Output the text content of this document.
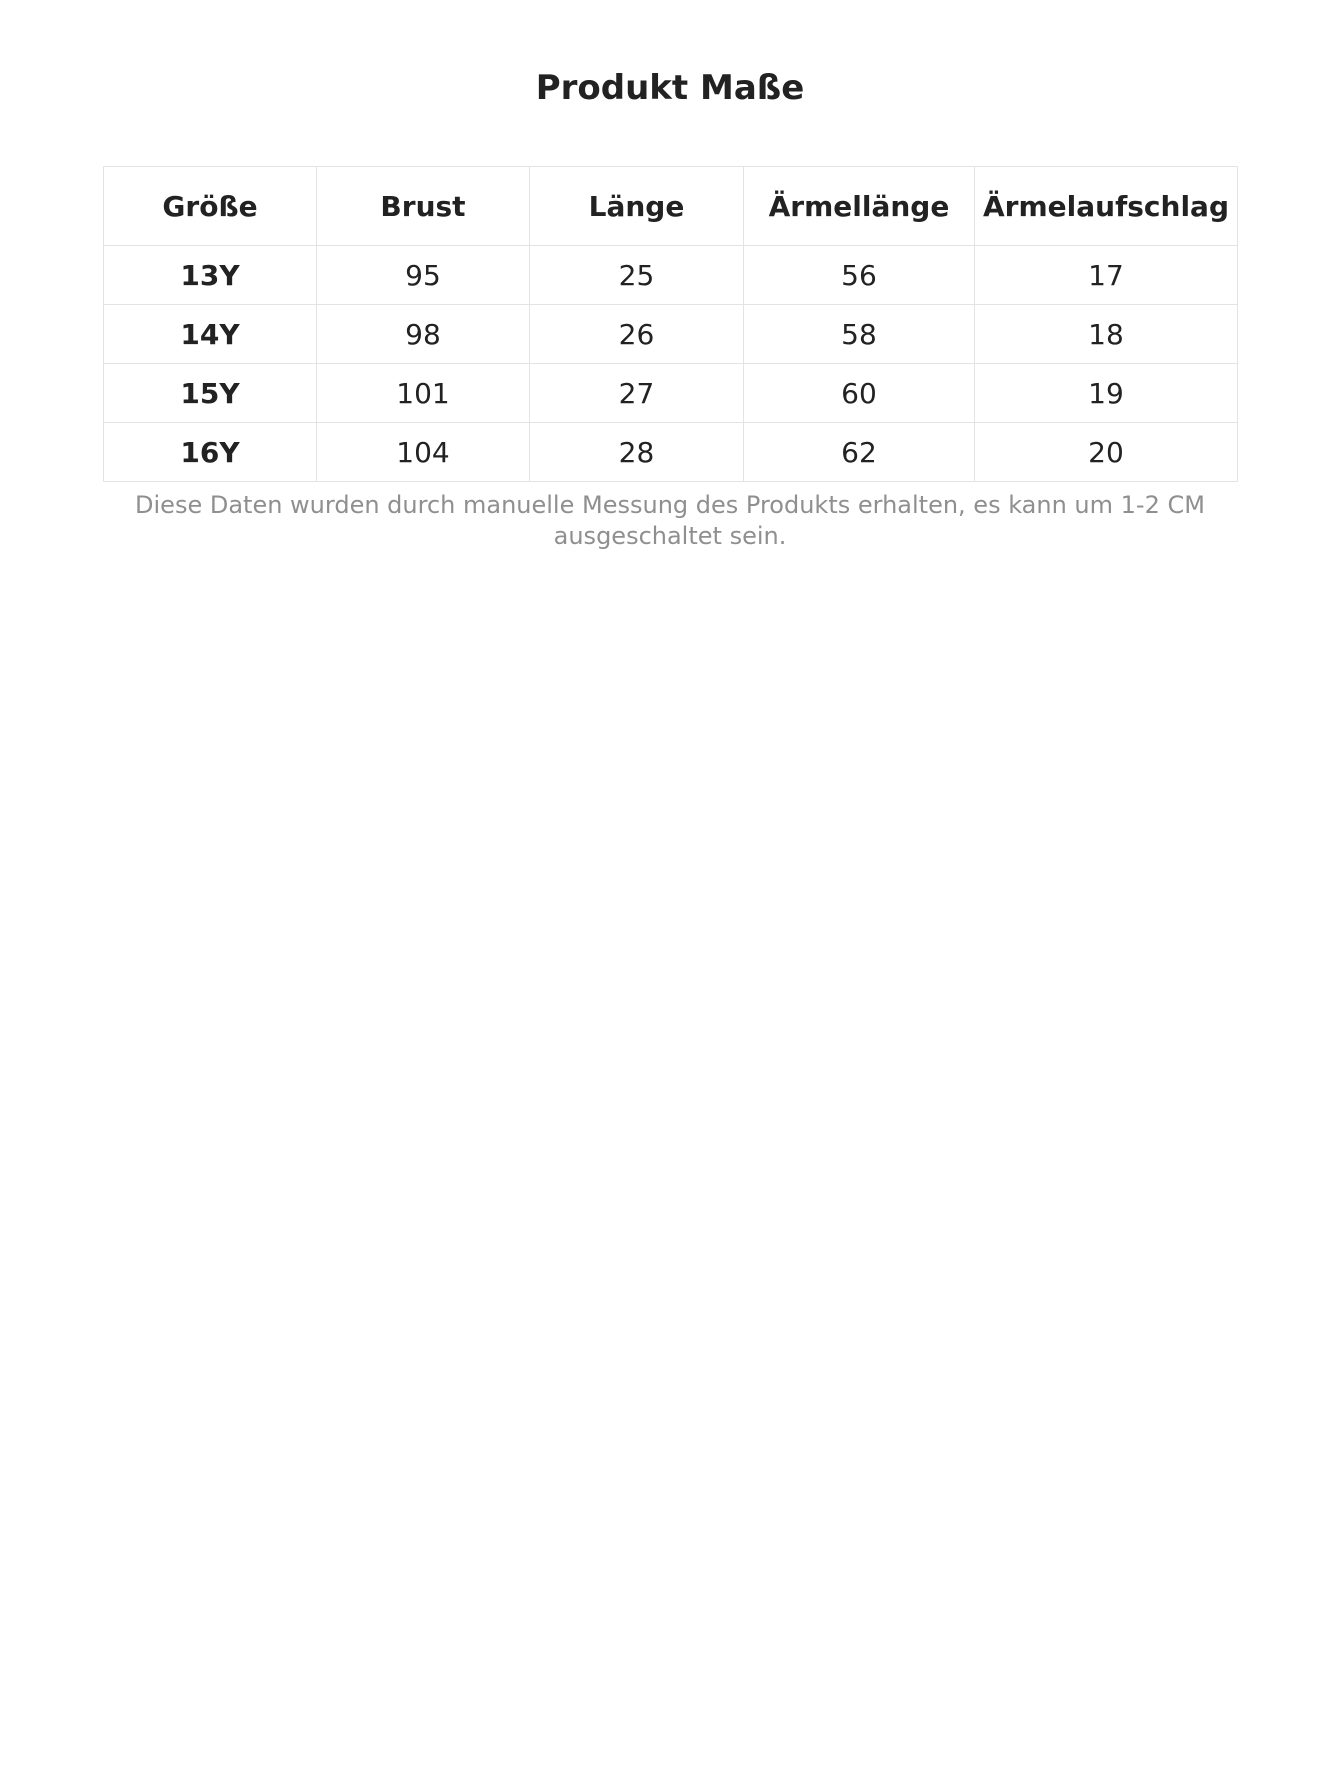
Produkt Maße
Größe	Brust	Länge	Ärmellänge	Ärmelaufschlag
13Y	95	25	56	17
14Y	98	26	58	18
15Y	101	27	60	19
16Y	104	28	62	20

Diese Daten wurden durch manuelle Messung des Produkts erhalten, es kann um 1-2 CM
ausgeschaltet sein.
